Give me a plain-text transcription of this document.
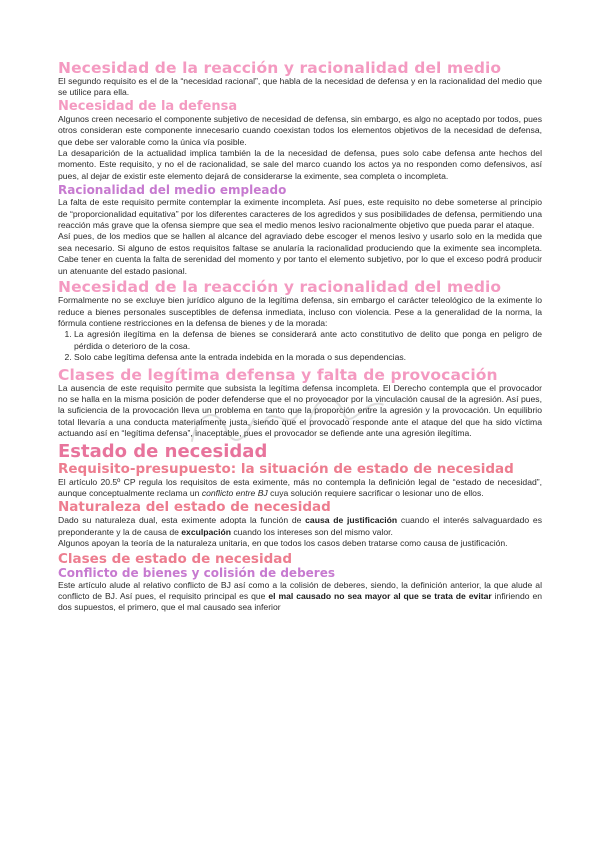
Necesidad de la reacción y racionalidad del medio

El segundo requisito es el de la “necesidad racional”, que habla de la necesidad de defensa y en la racionalidad del medio que se utilice para ella.

Necesidad de la defensa

Algunos creen necesario el componente subjetivo de necesidad de defensa, sin embargo, es algo no aceptado por todos, pues otros consideran este componente innecesario cuando coexistan todos los elementos objetivos de la necesidad de defensa, que debe ser valorable como la única vía posible.

La desaparición de la actualidad implica también la de la necesidad de defensa, pues solo cabe defensa ante hechos del momento. Este requisito, y no el de racionalidad, se sale del marco cuando los actos ya no responden como defensivos, así pues, al dejar de existir este elemento dejará de considerarse la eximente, sea completa o incompleta.

Racionalidad del medio empleado

La falta de este requisito permite contemplar la eximente incompleta. Así pues, este requisito no debe someterse al principio de “proporcionalidad equitativa” por los diferentes caracteres de los agredidos y sus posibilidades de defensa, permitiendo una reacción más grave que la ofensa siempre que sea el medio menos lesivo racionalmente objetivo que pueda parar el ataque.

Así pues, de los medios que se hallen al alcance del agraviado debe escoger el menos lesivo y usarlo solo en la medida que sea necesario. Si alguno de estos requisitos faltase se anularía la racionalidad produciendo que la eximente sea incompleta. Cabe tener en cuenta la falta de serenidad del momento y por tanto el elemento subjetivo, por lo que el exceso podrá producir un atenuante del estado pasional.

Necesidad de la reacción y racionalidad del medio

Formalmente no se excluye bien jurídico alguno de la legítima defensa, sin embargo el carácter teleológico de la eximente lo reduce a bienes personales susceptibles de defensa inmediata, incluso con violencia. Pese a la generalidad de la norma, la fórmula contiene restricciones en la defensa de bienes y de la morada:

1. La agresión ilegítima en la defensa de bienes se considerará ante acto constitutivo de delito que ponga en peligro de pérdida o deterioro de la cosa.
2. Solo cabe legítima defensa ante la entrada indebida en la morada o sus dependencias.
Clases de legítima defensa y falta de provocación

La ausencia de este requisito permite que subsista la legítima defensa incompleta. El Derecho contempla que el provocador no se halla en la misma posición de poder defenderse que el no provocador por la vinculación causal de la agresión. Así pues, la suficiencia de la provocación lleva un problema en tanto que la proporción entre la agresión y la provocación. Un equilibrio total llevaría a una conducta materialmente justa, siendo que el provocado responde ante el ataque del que ha sido víctima actuando así en “legítima defensa”, inaceptable, pues el provocador se defiende ante una agresión ilegítima.

Estado de necesidad
Requisito-presupuesto: la situación de estado de necesidad

El artículo 20.5º CP regula los requisitos de esta eximente, más no contempla la definición legal de “estado de necesidad”, aunque conceptualmente reclama un conflicto entre BJ cuya solución requiere sacrificar o lesionar uno de ellos.

Naturaleza del estado de necesidad

Dado su naturaleza dual, esta eximente adopta la función de causa de justificación cuando el interés salvaguardado es preponderante y la de causa de exculpación cuando los intereses son del mismo valor.

Algunos apoyan la teoría de la naturaleza unitaria, en que todos los casos deben tratarse como causa de justificación.

Clases de estado de necesidad
Conflicto de bienes y colisión de deberes

Este artículo alude al relativo conflicto de BJ así como a la colisión de deberes, siendo, la definición anterior, la que alude al conflicto de BJ. Así pues, el requisito principal es que el mal causado no sea mayor al que se trata de evitar infiriendo en dos supuestos, el primero, que el mal causado sea inferior
